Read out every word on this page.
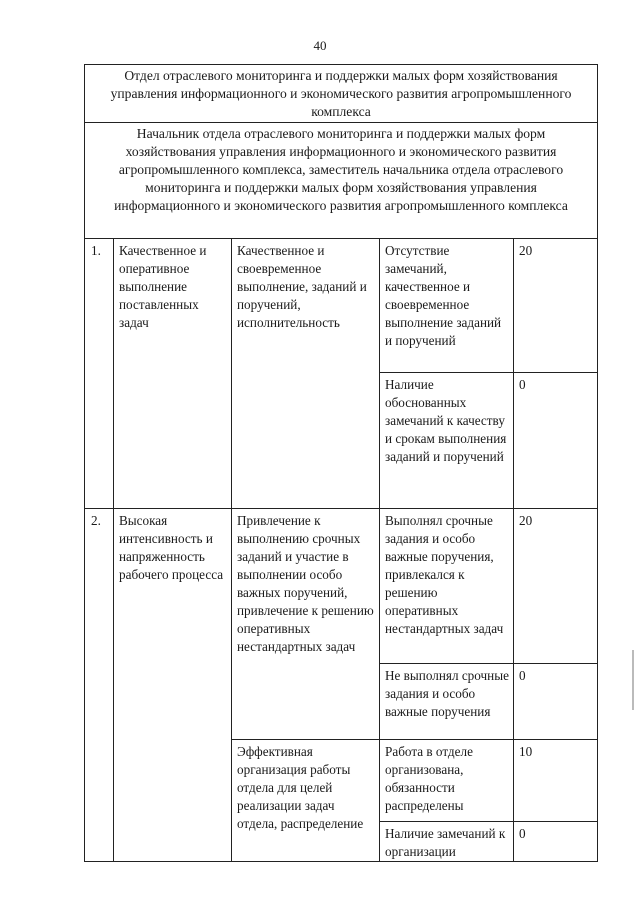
40
Отдел отраслевого мониторинга и поддержки малых форм хозяйствования управления информационного и экономического развития агропромышленного комплекса				
Начальник отдела отраслевого мониторинга и поддержки малых форм хозяйствования управления информационного и экономического развития агропромышленного комплекса, заместитель начальника отдела отраслевого мониторинга и поддержки малых форм хозяйствования управления информационного и экономического развития агропромышленного комплекса				
1.	Качественное и оперативное выполнение поставленных задач	Качественное и своевременное выполнение, заданий и поручений, исполнительность	Отсутствие замечаний, качественное и своевременное выполнение заданий и поручений	20
			Наличие обоснованных замечаний к качеству и срокам выполнения заданий и поручений	0
2.	Высокая интенсивность и напряженность рабочего процесса	Привлечение к выполнению срочных заданий и участие в выполнении особо важных поручений, привлечение к решению оперативных нестандартных задач	Выполнял срочные задания и особо важные поручения, привлекался к решению оперативных нестандартных задач	20
			Не выполнял срочные задания и особо важные поручения	0
		Эффективная организация работы отдела для целей реализации задач отдела, распределение	Работа в отделе организована, обязанности распределены	10
			Наличие замечаний к организации	0
